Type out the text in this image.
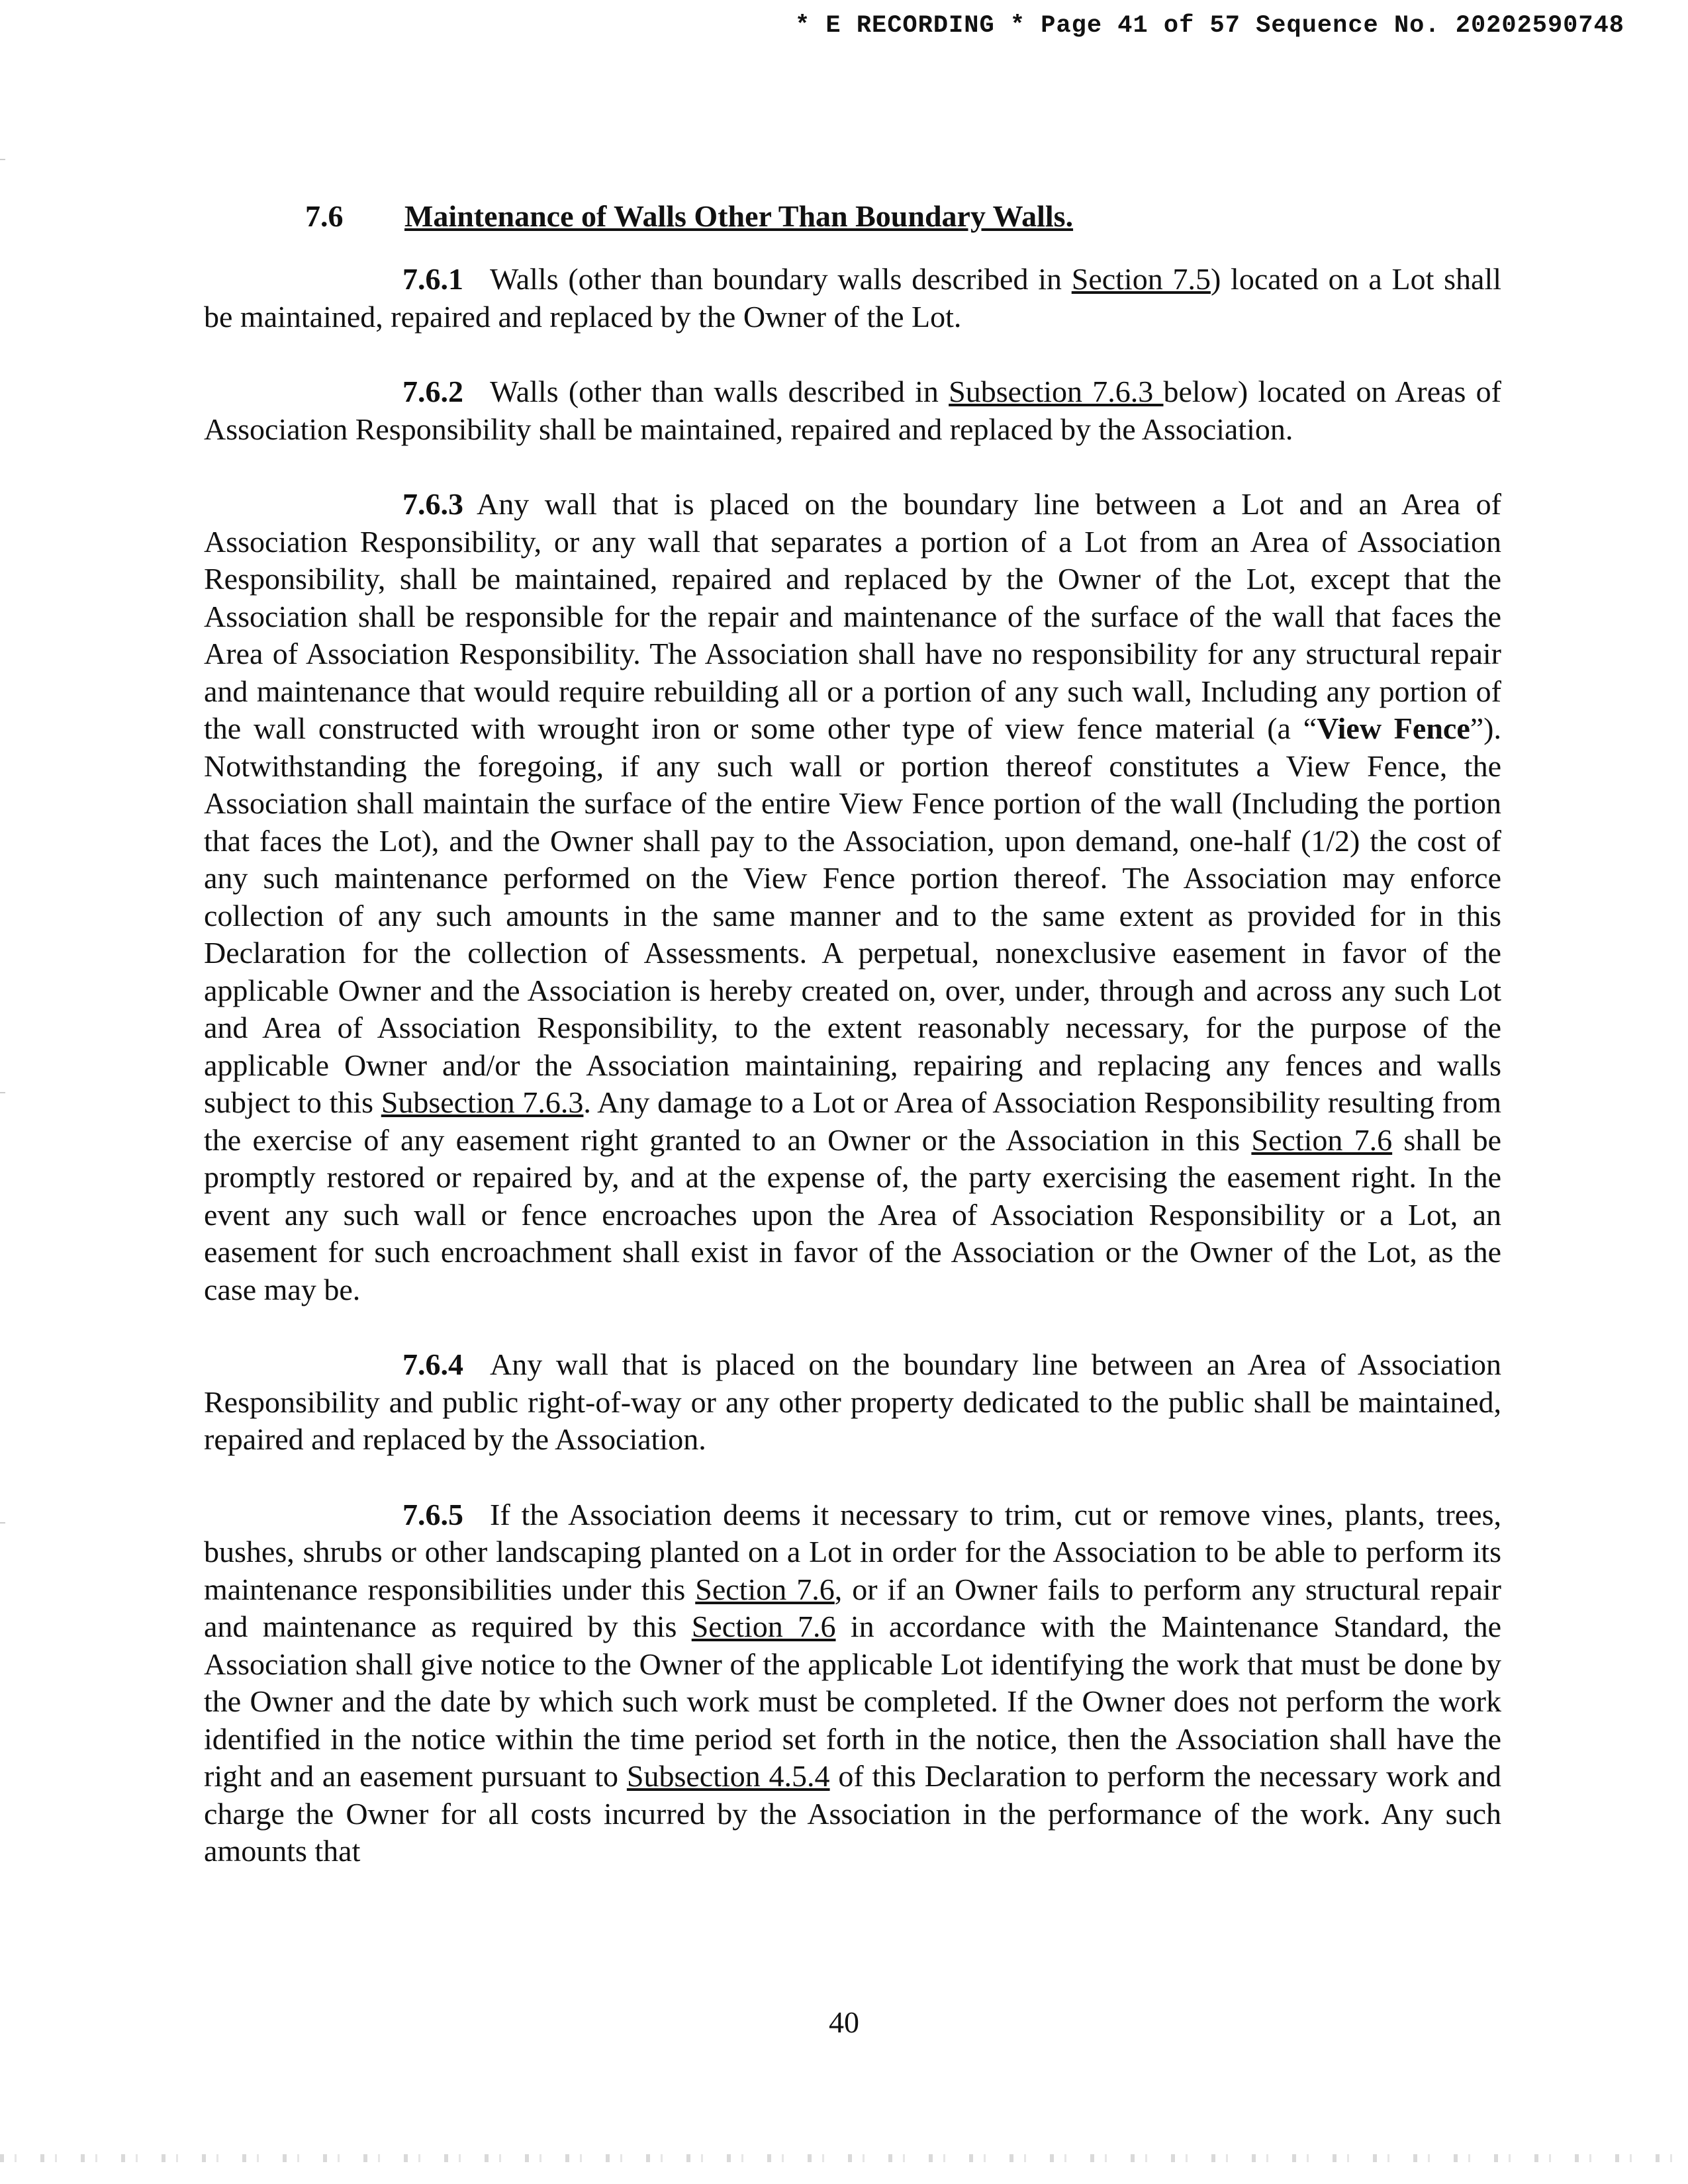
* E RECORDING * Page 41 of 57 Sequence No. 20202590748
7.6 Maintenance of Walls Other Than Boundary Walls.

7.6.1 Walls (other than boundary walls described in Section 7.5) located on a Lot shall be maintained, repaired and replaced by the Owner of the Lot.

7.6.2 Walls (other than walls described in Subsection 7.6.3 below) located on Areas of Association Responsibility shall be maintained, repaired and replaced by the Association.

7.6.3 Any wall that is placed on the boundary line between a Lot and an Area of Association Responsibility, or any wall that separates a portion of a Lot from an Area of Association Responsibility, shall be maintained, repaired and replaced by the Owner of the Lot, except that the Association shall be responsible for the repair and maintenance of the surface of the wall that faces the Area of Association Responsibility. The Association shall have no responsibility for any structural repair and maintenance that would require rebuilding all or a portion of any such wall, Including any portion of the wall constructed with wrought iron or some other type of view fence material (a “View Fence”). Notwithstanding the foregoing, if any such wall or portion thereof constitutes a View Fence, the Association shall maintain the surface of the entire View Fence portion of the wall (Including the portion that faces the Lot), and the Owner shall pay to the Association, upon demand, one-half (1/2) the cost of any such maintenance performed on the View Fence portion thereof. The Association may enforce collection of any such amounts in the same manner and to the same extent as provided for in this Declaration for the collection of Assessments. A perpetual, nonexclusive easement in favor of the applicable Owner and the Association is hereby created on, over, under, through and across any such Lot and Area of Association Responsibility, to the extent reasonably necessary, for the purpose of the applicable Owner and/or the Association maintaining, repairing and replacing any fences and walls subject to this Subsection 7.6.3. Any damage to a Lot or Area of Association Responsibility resulting from the exercise of any easement right granted to an Owner or the Association in this Section 7.6 shall be promptly restored or repaired by, and at the expense of, the party exercising the easement right. In the event any such wall or fence encroaches upon the Area of Association Responsibility or a Lot, an easement for such encroachment shall exist in favor of the Association or the Owner of the Lot, as the case may be.

7.6.4 Any wall that is placed on the boundary line between an Area of Association Responsibility and public right-of-way or any other property dedicated to the public shall be maintained, repaired and replaced by the Association.

7.6.5 If the Association deems it necessary to trim, cut or remove vines, plants, trees, bushes, shrubs or other landscaping planted on a Lot in order for the Association to be able to perform its maintenance responsibilities under this Section 7.6, or if an Owner fails to perform any structural repair and maintenance as required by this Section 7.6 in accordance with the Maintenance Standard, the Association shall give notice to the Owner of the applicable Lot identifying the work that must be done by the Owner and the date by which such work must be completed. If the Owner does not perform the work identified in the notice within the time period set forth in the notice, then the Association shall have the right and an easement pursuant to Subsection 4.5.4 of this Declaration to perform the necessary work and charge the Owner for all costs incurred by the Association in the performance of the work. Any such amounts that

40
